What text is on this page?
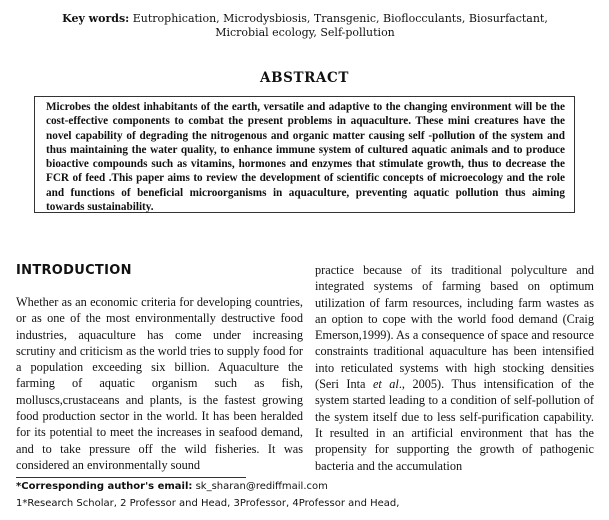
Key words: Eutrophication, Microdysbiosis, Transgenic, Bioflocculants, Biosurfactant,
Microbial ecology, Self-pollution
ABSTRACT

Microbes the oldest inhabitants of the earth, versatile and adaptive to the changing environment will be the cost-effective components to combat the present problems in aquaculture. These mini creatures have the novel capability of degrading the nitrogenous and organic matter causing self -pollution of the system and thus maintaining the water quality, to enhance immune system of cultured aquatic animals and to produce bioactive compounds such as vitamins, hormones and enzymes that stimulate growth, thus to decrease the FCR of feed .This paper aims to review the development of scientific concepts of microecology and the role and functions of beneficial microorganisms in aquaculture, preventing aquatic pollution thus aiming towards sustainability.

INTRODUCTION

Whether as an economic criteria for developing countries, or as one of the most environmentally destructive food industries, aquaculture has come under increasing scrutiny and criticism as the world tries to supply food for a population exceeding six billion. Aquaculture the farming of aquatic organism such as fish, molluscs,crustaceans and plants, is the fastest growing food production sector in the world. It has been heralded for its potential to meet the increases in seafood demand, and to take pressure off the wild fisheries. It was considered an environmentally sound

practice because of its traditional polyculture and integrated systems of farming based on optimum utilization of farm resources, including farm wastes as an option to cope with the world food demand (Craig Emerson,1999). As a consequence of space and resource constraints traditional aquaculture has been intensified into reticulated systems with high stocking densities (Seri Inta et al., 2005). Thus intensification of the system started leading to a condition of self-pollution of the system itself due to less self-purification capability. It resulted in an artificial environment that has the propensity for supporting the growth of pathogenic bacteria and the accumulation

*Corresponding author's email: sk_sharan@rediffmail.com
1*Research Scholar, 2 Professor and Head, 3Professor, 4Professor and Head,
